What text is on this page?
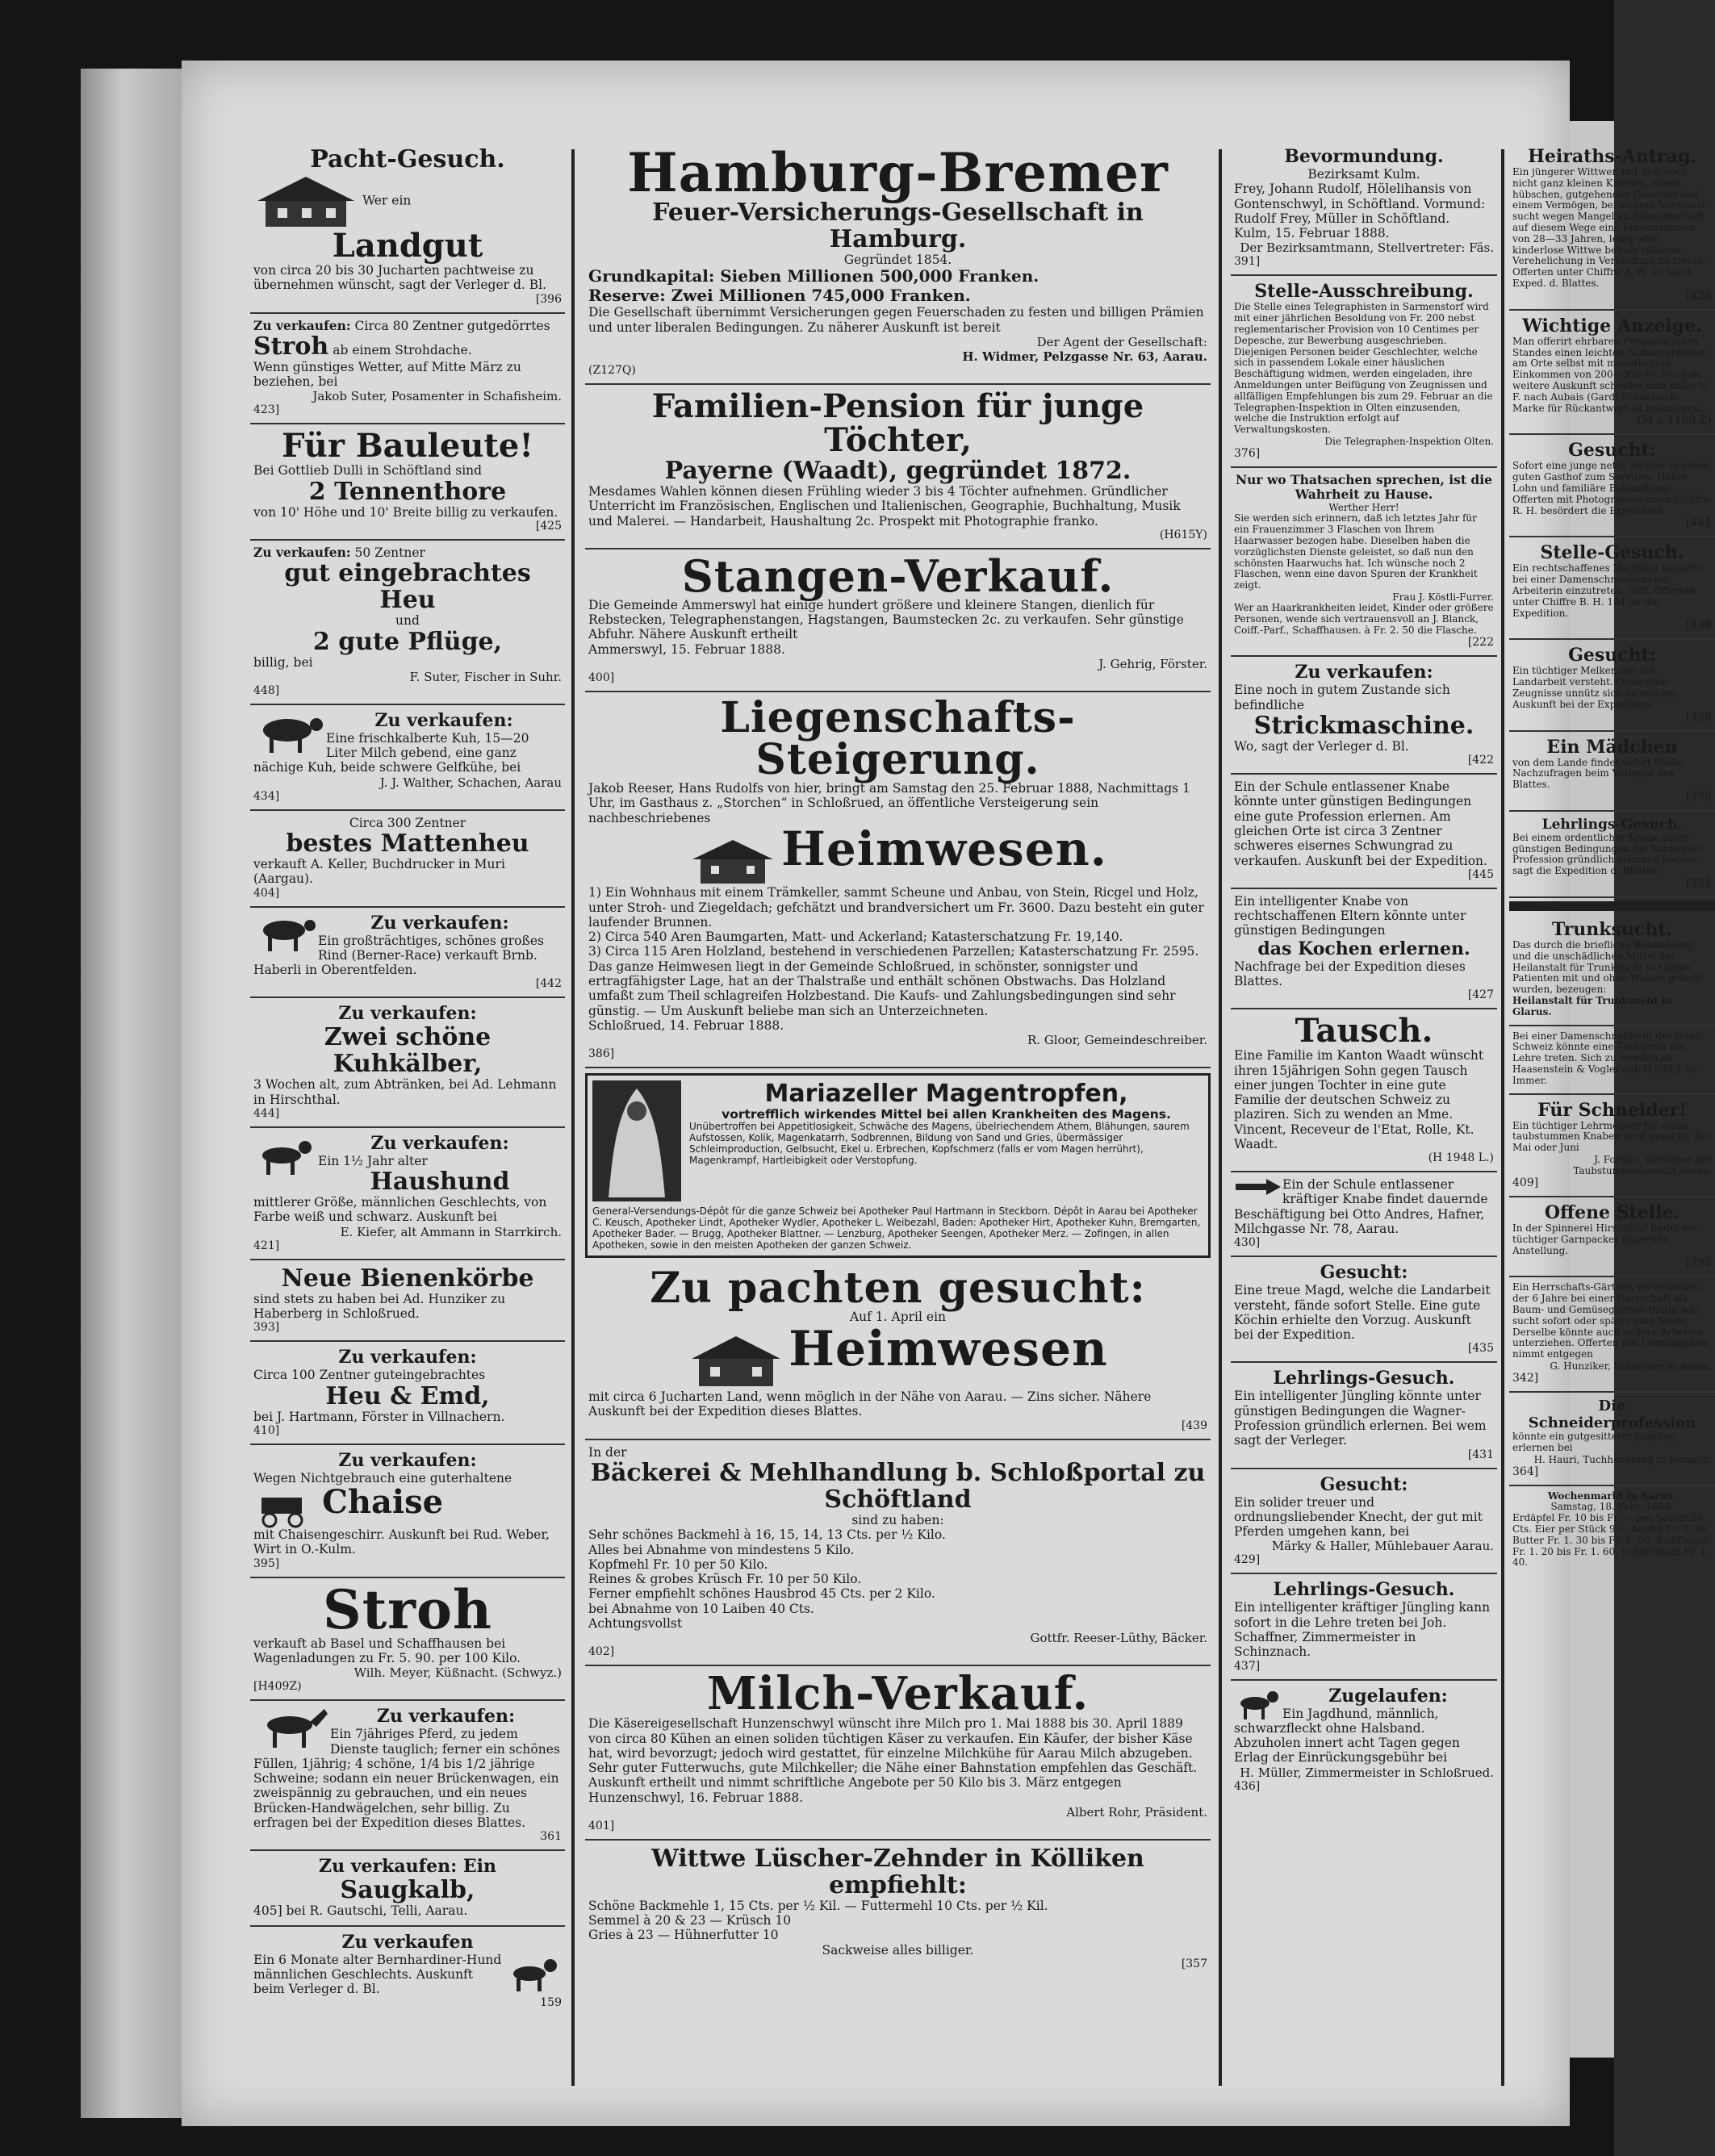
Pacht-Gesuch.
Wer ein
Landgut
von circa 20 bis 30 Jucharten pachtweise zu übernehmen wünscht, sagt der Verleger d. Bl.
[396
Zu verkaufen: Circa 80 Zentner gutgedörrtes
Stroh ab einem Strohdache.
Wenn günstiges Wetter, auf Mitte März zu beziehen, bei
Jakob Suter, Posamenter in Schafisheim.
423]
Für Bauleute!
Bei Gottlieb Dulli in Schöftland sind
2 Tennenthore
von 10' Höhe und 10' Breite billig zu verkaufen.
[425
Zu verkaufen: 50 Zentner
gut eingebrachtes Heu
und
2 gute Pflüge,
billig, bei
F. Suter, Fischer in Suhr.
448]
Zu verkaufen:
Eine frischkalberte Kuh, 15—20 Liter Milch gebend, eine ganz nächige Kuh, beide schwere Gelfkühe, bei
J. J. Walther, Schachen, Aarau
434]
Circa 300 Zentner
bestes Mattenheu
verkauft A. Keller, Buchdrucker in Muri (Aargau).
404]
Zu verkaufen:
Ein großträchtiges, schönes großes Rind (Berner-Race) verkauft Brnb. Haberli in Oberentfelden.
[442
Zu verkaufen:
Zwei schöne Kuhkälber,
3 Wochen alt, zum Abtränken, bei Ad. Lehmann in Hirschthal.
444]
Zu verkaufen:
Ein 1½ Jahr alter
Haushund
mittlerer Größe, männlichen Geschlechts, von Farbe weiß und schwarz. Auskunft bei
E. Kiefer, alt Ammann in Starrkirch.
421]
Neue Bienenkörbe
sind stets zu haben bei Ad. Hunziker zu Haberberg in Schloßrued.
393]
Zu verkaufen:
Circa 100 Zentner guteingebrachtes
Heu & Emd,
bei J. Hartmann, Förster in Villnachern.
410]
Zu verkaufen:
Wegen Nichtgebrauch eine guterhaltene
Chaise
mit Chaisengeschirr. Auskunft bei Rud. Weber, Wirt in O.-Kulm.
395]
Stroh
verkauft ab Basel und Schaffhausen bei Wagenladungen zu Fr. 5. 90. per 100 Kilo.
Wilh. Meyer, Küßnacht. (Schwyz.)
[H409Z)
Zu verkaufen:
Ein 7jähriges Pferd, zu jedem Dienste tauglich; ferner ein schönes Füllen, 1jährig; 4 schöne, 1/4 bis 1/2 jährige Schweine; sodann ein neuer Brückenwagen, ein zweispännig zu gebrauchen, und ein neues Brücken-Handwägelchen, sehr billig. Zu erfragen bei der Expedition dieses Blattes.
361
Zu verkaufen: Ein
Saugkalb,
405] bei R. Gautschi, Telli, Aarau.
Zu verkaufen
Ein 6 Monate alter Bernhardiner-Hund männlichen Geschlechts. Auskunft beim Verleger d. Bl.
159
Hamburg-Bremer
Feuer-Versicherungs-Gesellschaft in Hamburg.
Gegründet 1854.
Grundkapital: Sieben Millionen 500,000 Franken.
Reserve: Zwei Millionen 745,000 Franken.
Die Gesellschaft übernimmt Versicherungen gegen Feuerschaden zu festen und billigen Prämien und unter liberalen Bedingungen. Zu näherer Auskunft ist bereit
Der Agent der Gesellschaft:
H. Widmer, Pelzgasse Nr. 63, Aarau.
(Z127Q)
Familien-Pension für junge Töchter,
Payerne (Waadt), gegründet 1872.
Mesdames Wahlen können diesen Frühling wieder 3 bis 4 Töchter aufnehmen. Gründlicher Unterricht im Französischen, Englischen und Italienischen, Geographie, Buchhaltung, Musik und Malerei. — Handarbeit, Haushaltung 2c. Prospekt mit Photographie franko.
(H615Y)
Stangen-Verkauf.
Die Gemeinde Ammerswyl hat einige hundert größere und kleinere Stangen, dienlich für Rebstecken, Telegraphenstangen, Hagstangen, Baumstecken 2c. zu verkaufen. Sehr günstige Abfuhr. Nähere Auskunft ertheilt
Ammerswyl, 15. Februar 1888.
J. Gehrig, Förster.
400]
Liegenschafts-Steigerung.
Jakob Reeser, Hans Rudolfs von hier, bringt am Samstag den 25. Februar 1888, Nachmittags 1 Uhr, im Gasthaus z. „Storchen“ in Schloßrued, an öffentliche Versteigerung sein nachbeschriebenes
Heimwesen.
1) Ein Wohnhaus mit einem Trämkeller, sammt Scheune und Anbau, von Stein, Ricgel und Holz, unter Stroh- und Ziegeldach; gefchätzt und brandversichert um Fr. 3600. Dazu besteht ein guter laufender Brunnen.
2) Circa 540 Aren Baumgarten, Matt- und Ackerland; Katasterschatzung Fr. 19,140.
3) Circa 115 Aren Holzland, bestehend in verschiedenen Parzellen; Katasterschatzung Fr. 2595.
Das ganze Heimwesen liegt in der Gemeinde Schloßrued, in schönster, sonnigster und ertragfähigster Lage, hat an der Thalstraße und enthält schönen Obstwachs. Das Holzland umfaßt zum Theil schlagreifen Holzbestand. Die Kaufs- und Zahlungsbedingungen sind sehr günstig. — Um Auskunft beliebe man sich an Unterzeichneten.
Schloßrued, 14. Februar 1888.
R. Gloor, Gemeindeschreiber.
386]
Mariazeller Magentropfen,
vortrefflich wirkendes Mittel bei allen Krankheiten des Magens.
Unübertroffen bei Appetitlosigkeit, Schwäche des Magens, übelriechendem Athem, Blähungen, saurem Aufstossen, Kolik, Magenkatarrh, Sodbrennen, Bildung von Sand und Gries, übermässiger Schleimproduction, Gelbsucht, Ekel u. Erbrechen, Kopfschmerz (falls er vom Magen herrührt), Magenkrampf, Hartleibigkeit oder Verstopfung.
General-Versendungs-Dépôt für die ganze Schweiz bei Apotheker Paul Hartmann in Steckborn. Dépôt in Aarau bei Apotheker C. Keusch, Apotheker Lindt, Apotheker Wydler, Apotheker L. Weibezahl, Baden: Apotheker Hirt, Apotheker Kuhn, Bremgarten, Apotheker Bader. — Brugg, Apotheker Blattner. — Lenzburg, Apotheker Seengen, Apotheker Merz. — Zofingen, in allen Apotheken, sowie in den meisten Apotheken der ganzen Schweiz.
Zu pachten gesucht:
Auf 1. April ein
Heimwesen
mit circa 6 Jucharten Land, wenn möglich in der Nähe von Aarau. — Zins sicher. Nähere Auskunft bei der Expedition dieses Blattes.
[439
In der
Bäckerei & Mehlhandlung b. Schloßportal zu Schöftland
sind zu haben:
Sehr schönes Backmehl à 16, 15, 14, 13 Cts. per ½ Kilo.
Alles bei Abnahme von mindestens 5 Kilo.
Kopfmehl Fr. 10 per 50 Kilo.
Reines & grobes Krüsch Fr. 10 per 50 Kilo.
Ferner empfiehlt schönes Hausbrod 45 Cts. per 2 Kilo.
bei Abnahme von 10 Laiben 40 Cts.
Achtungsvollst
Gottfr. Reeser-Lüthy, Bäcker.
402]
Milch-Verkauf.
Die Käsereigesellschaft Hunzenschwyl wünscht ihre Milch pro 1. Mai 1888 bis 30. April 1889 von circa 80 Kühen an einen soliden tüchtigen Käser zu verkaufen. Ein Käufer, der bisher Käse hat, wird bevorzugt; jedoch wird gestattet, für einzelne Milchkühe für Aarau Milch abzugeben. Sehr guter Futterwuchs, gute Milchkeller; die Nähe einer Bahnstation empfehlen das Geschäft. Auskunft ertheilt und nimmt schriftliche Angebote per 50 Kilo bis 3. März entgegen
Hunzenschwyl, 16. Februar 1888.
Albert Rohr, Präsident.
401]
Wittwe Lüscher-Zehnder in Kölliken empfiehlt:
Schöne Backmehle 1, 15 Cts. per ½ Kil. — Futtermehl 10 Cts. per ½ Kil.
Semmel à 20 & 23 — Krüsch 10
Gries à 23 — Hühnerfutter 10
Sackweise alles billiger.
[357
Bevormundung.
Bezirksamt Kulm.
Frey, Johann Rudolf, Hölelihansis von Gontenschwyl, in Schöftland. Vormund: Rudolf Frey, Müller in Schöftland.
Kulm, 15. Februar 1888.
Der Bezirksamtmann, Stellvertreter: Fäs.
391]
Stelle-Ausschreibung.
Die Stelle eines Telegraphisten in Sarmenstorf wird mit einer jährlichen Besoldung von Fr. 200 nebst reglementarischer Provision von 10 Centimes per Depesche, zur Bewerbung ausgeschrieben. Diejenigen Personen beider Geschlechter, welche sich in passendem Lokale einer häuslichen Beschäftigung widmen, werden eingeladen, ihre Anmeldungen unter Beifügung von Zeugnissen und allfälligen Empfehlungen bis zum 29. Februar an die Telegraphen-Inspektion in Olten einzusenden, welche die Instruktion erfolgt auf Verwaltungskosten.
Die Telegraphen-Inspektion Olten.
376]
Nur wo Thatsachen sprechen, ist die Wahrheit zu Hause.
Werther Herr!
Sie werden sich erinnern, daß ich letztes Jahr für ein Frauenzimmer 3 Flaschen von Ihrem Haarwasser bezogen habe. Dieselben haben die vorzüglichsten Dienste geleistet, so daß nun den schönsten Haarwuchs hat. Ich wünsche noch 2 Flaschen, wenn eine davon Spuren der Krankheit zeigt.
Frau J. Köstli-Furrer.
Wer an Haarkrankheiten leidet, Kinder oder größere Personen, wende sich vertrauensvoll an J. Blanck, Coiff.-Parf., Schaffhausen. à Fr. 2. 50 die Flasche.
[222
Zu verkaufen:
Eine noch in gutem Zustande sich befindliche
Strickmaschine.
Wo, sagt der Verleger d. Bl.
[422
Ein der Schule entlassener Knabe könnte unter günstigen Bedingungen eine gute Profession erlernen. Am gleichen Orte ist circa 3 Zentner schweres eisernes Schwungrad zu verkaufen. Auskunft bei der Expedition.
[445
Ein intelligenter Knabe von rechtschaffenen Eltern könnte unter günstigen Bedingungen
das Kochen erlernen.
Nachfrage bei der Expedition dieses Blattes.
[427
Tausch.
Eine Familie im Kanton Waadt wünscht ihren 15jährigen Sohn gegen Tausch einer jungen Tochter in eine gute Familie der deutschen Schweiz zu plaziren. Sich zu wenden an Mme. Vincent, Receveur de l'Etat, Rolle, Kt. Waadt.
(H 1948 L.)
Ein der Schule entlassener kräftiger Knabe findet dauernde Beschäftigung bei Otto Andres, Hafner, Milchgasse Nr. 78, Aarau.
430]
Gesucht:
Eine treue Magd, welche die Landarbeit versteht, fände sofort Stelle. Eine gute Köchin erhielte den Vorzug. Auskunft bei der Expedition.
[435
Lehrlings-Gesuch.
Ein intelligenter Jüngling könnte unter günstigen Bedingungen die Wagner-Profession gründlich erlernen. Bei wem sagt der Verleger.
[431
Gesucht:
Ein solider treuer und ordnungsliebender Knecht, der gut mit Pferden umgehen kann, bei
Märky & Haller, Mühlebauer Aarau.
429]
Lehrlings-Gesuch.
Ein intelligenter kräftiger Jüngling kann sofort in die Lehre treten bei Joh. Schaffner, Zimmermeister in Schinznach.
437]
Zugelaufen:
Ein Jagdhund, männlich, schwarzfleckt ohne Halsband. Abzuholen innert acht Tagen gegen Erlag der Einrückungsgebühr bei
H. Müller, Zimmermeister in Schloßrued.
436]
Heiraths-Antrag.
Ein jüngerer Wittwer, mit drei noch nicht ganz kleinen Kindern, einem hübschen, gutgehenden Geschäft und einem Vermögen, bei sichern Verdienst sucht wegen Mangel an Bekanntschaft auf diesem Wege eine Frauenzimmer von 28—33 Jahren, ledig oder kinderlose Wittwe behufs späterer Verehelichung in Verbindung zu treten. Offerten unter Chiffre A. W. 10 bei d. Exped. d. Blattes.
[428
Wichtige Anzeige.
Man offerirt ehrbaren Personen jeden Standes einen leichten Nebenverdienst am Orte selbst mit monatlichem Einkommen von 200—300 Fr. Für jede weitere Auskunft schreibe man unter V. F. nach Aubais (Gard) Frankreich. Marke für Rückantwort ist beizulegen.
(M a 1169 Z)
Gesucht:
Sofort eine junge nette Tochter in einen guten Gasthof zum Serviren. Hoher Lohn und familiäre Behandlung. Offerten mit Photographie unter Chiffre R. H. besördert die Expedition.
[441
Stelle-Gesuch.
Ein rechtschaffenes Mädchen wünscht bei einer Damenschneiderin als Arbeiterin einzutreten. Gefl. Offerten unter Chiffre B. H. 104 an die Expedition.
[438
Gesucht:
Ein tüchtiger Melker, der die Landarbeit versteht. Ohne gute Zeugnisse unnütz sich zu melden. Auskunft bei der Expedition.
[426
Ein Mädchen
von dem Lande findet sofort Stelle. Nachzufragen beim Verleger des Blattes.
[375
Lehrlings-Gesuch.
Bei einem ordentlicher Knabe unter günstigen Bedingungen die Schneider-Profession gründlich erlernen könnte, sagt die Expedition d. Blattes.
[331
Trunksucht.
Das durch die briefliche Behandlung und die unschädlichen Mittel der Heilanstalt für Trunksucht in Glarus Patienten mit und ohne Wissen geheilt wurden, bezeugen:
Heilanstalt für Trunksucht in Glarus.
Bei einer Damenschneiderin der franz. Schweiz könnte eine Tochter in die Lehre treten. Sich zu wenden an Haasenstein & Vogler sub H 595 J. St. Immer.
Für Schneider!
Ein tüchtiger Lehrmeister für einen taubstummen Knaben wird gesucht. Auf Mai oder Juni
J. Forster, Vorsteher der Taubstummenanstalt Aarau.
409]
Offene Stelle.
In der Spinnerei Hirschthal findet ein tüchtiger Garnpacker dauernde Anstellung.
[392
Ein Herrschafts-Gärtner, verheirathet, der 6 Jahre bei einer Herrschaft als Baum- und Gemüsegärtner thätig war, sucht sofort oder später eine Stelle. Derselbe könnte auch andere Arbeiten unterziehen. Offerten mit Lohnangaben nimmt entgegen
G. Hunziker, Schneider in Aarau.
342]
Die Schneiderprofession
könnte ein gutgesitteter Jüngling erlernen bei
H. Hauri, Tuchhandlung in Reinach.
364]
Wochenmarkt in Aarau.
Samstag, 18. Febr. 1888.
Erdäpfel Fr. 10 bis Fr. — per Sester 20 Cts. Eier per Stück 9 — Aepfel Fr. 2. 40. Butter Fr. 1. 30 bis Fr. 1. 50. Kalbfleisch Fr. 1. 20 bis Fr. 1. 60. Schaffleisch Fr. 1. 40.
